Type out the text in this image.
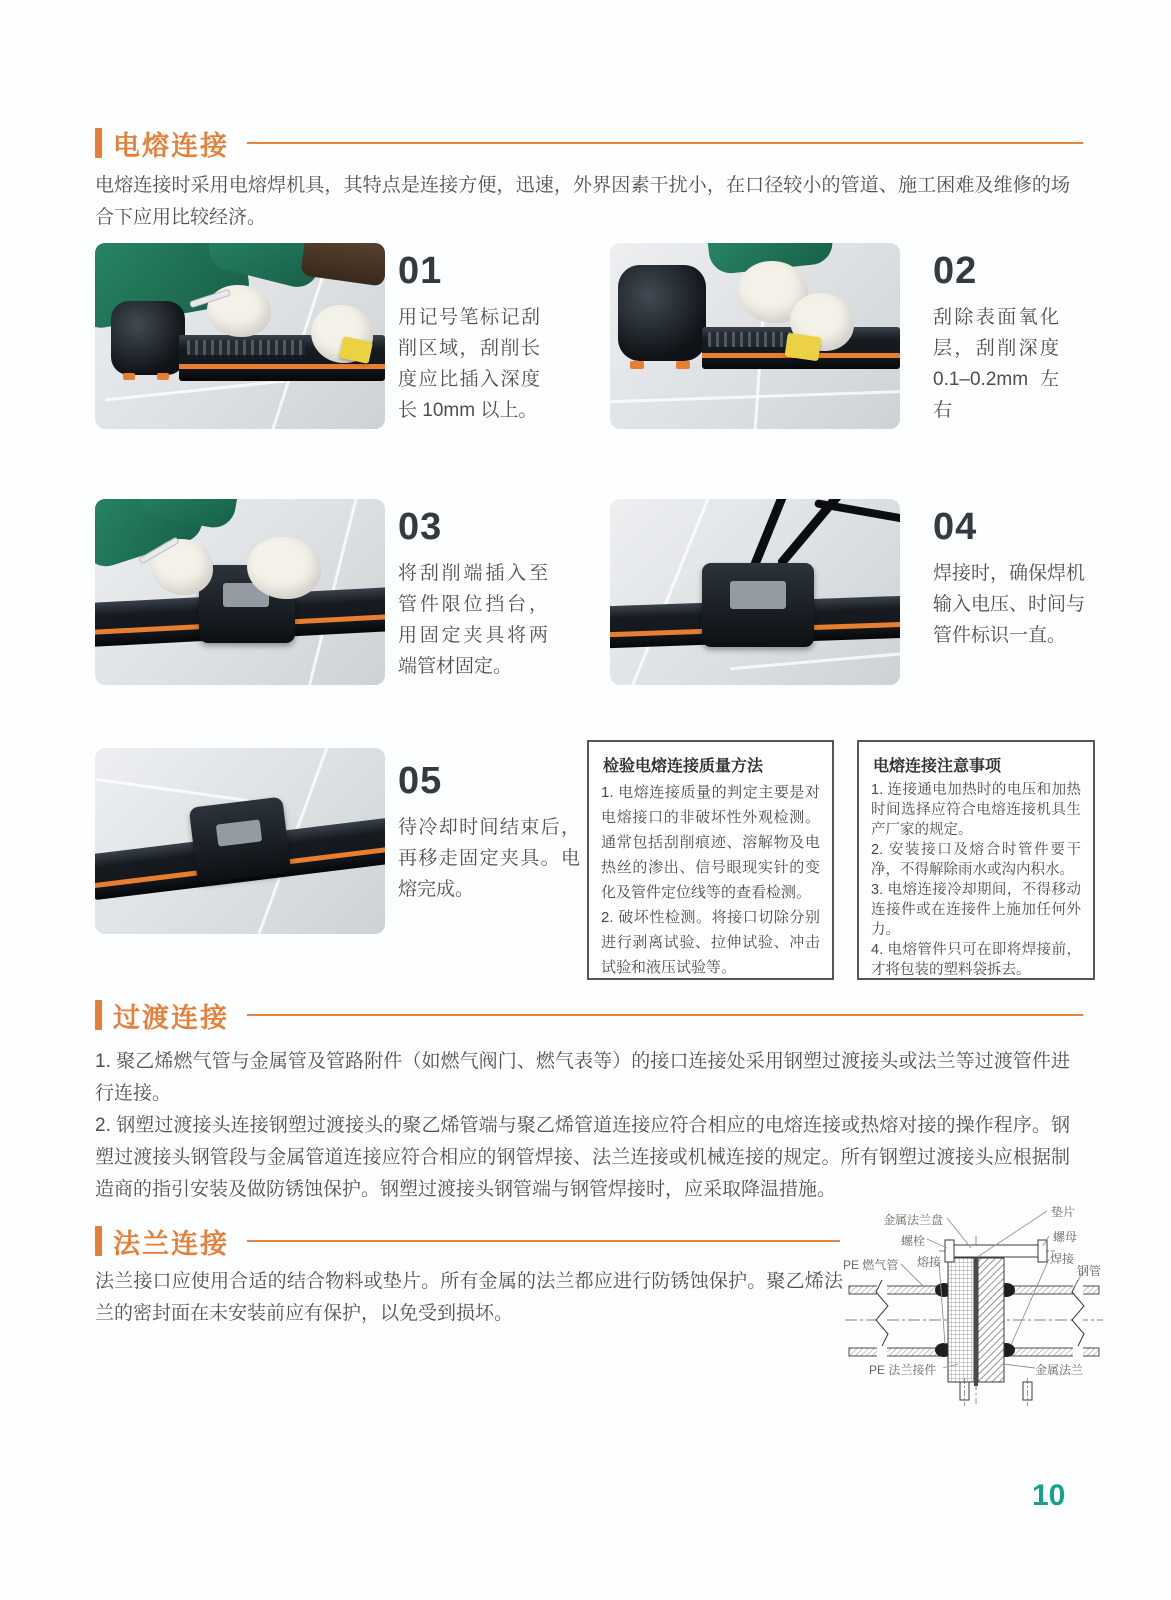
电熔连接

电熔连接时采用电熔焊机具，其特点是连接方便，迅速，外界因素干扰小，在口径较小的管道、施工困难及维修的场合下应用比较经济。

01
用记号笔标记刮削区域，刮削长度应比插入深度长 10mm 以上。
02
刮除表面氧化层，刮削深度 0.1–0.2mm 左右
03
将刮削端插入至管件限位挡台，用固定夹具将两端管材固定。
04
焊接时，确保焊机输入电压、时间与管件标识一直。
05
待冷却时间结束后，再移走固定夹具。电熔完成。
检验电熔连接质量方法

1. 电熔连接质量的判定主要是对电熔接口的非破坏性外观检测。通常包括刮削痕迹、溶解物及电热丝的渗出、信号眼现实针的变化及管件定位线等的查看检测。

2. 破坏性检测。将接口切除分别进行剥离试验、拉伸试验、冲击试验和液压试验等。

电熔连接注意事项

1. 连接通电加热时的电压和加热时间选择应符合电熔连接机具生产厂家的规定。

2. 安装接口及熔合时管件要干净，不得解除雨水或沟内积水。

3. 电熔连接冷却期间，不得移动连接件或在连接件上施加任何外力。

4. 电熔管件只可在即将焊接前，才将包装的塑料袋拆去。

过渡连接

1. 聚乙烯燃气管与金属管及管路附件（如燃气阀门、燃气表等）的接口连接处采用钢塑过渡接头或法兰等过渡管件进行连接。

2. 钢塑过渡接头连接钢塑过渡接头的聚乙烯管端与聚乙烯管道连接应符合相应的电熔连接或热熔对接的操作程序。钢塑过渡接头钢管段与金属管道连接应符合相应的钢管焊接、法兰连接或机械连接的规定。所有钢塑过渡接头应根据制造商的指引安装及做防锈蚀保护。钢塑过渡接头钢管端与钢管焊接时，应采取降温措施。

法兰连接

法兰接口应使用合适的结合物料或垫片。所有金属的法兰都应进行防锈蚀保护。聚乙烯法兰的密封面在未安装前应有保护，以免受到损坏。

金属法兰盘
垫片
螺栓	螺母
PE 燃气管 熔接	焊接
钢管
PE 法兰接件	金属法兰
10
